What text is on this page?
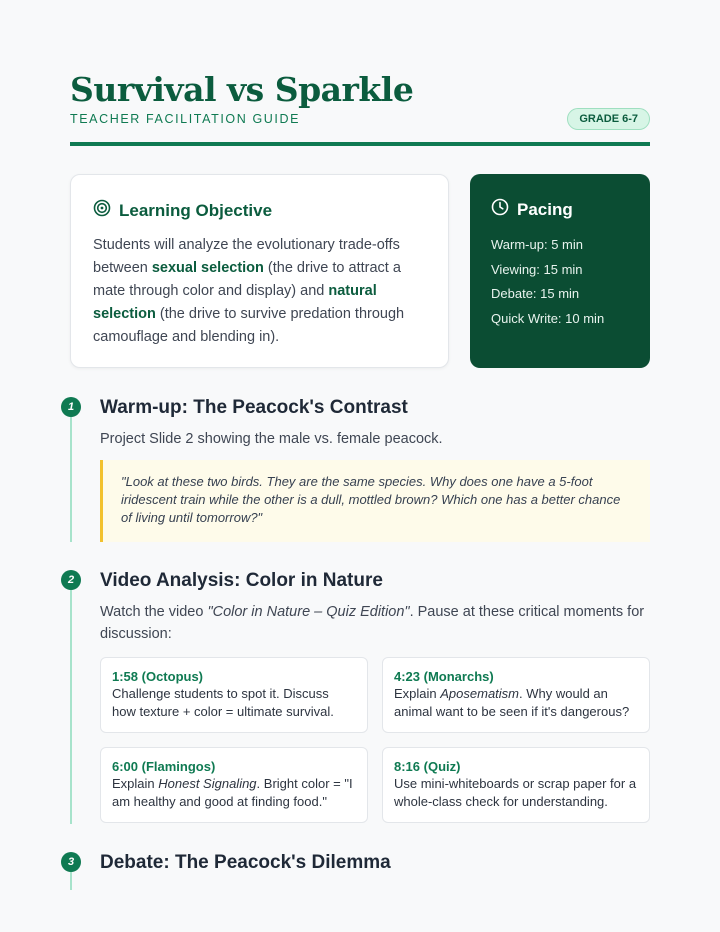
Survival vs Sparkle
TEACHER FACILITATION GUIDE	GRADE 6-7
Learning Objective

Students will analyze the evolutionary trade-offs between sexual selection (the drive to attract a mate through color and display) and natural selection (the drive to survive predation through camouflage and blending in).

Pacing
Warm-up: 5 min
Viewing: 15 min
Debate: 15 min
Quick Write: 10 min
1	Warm-up: The Peacock's Contrast
Project Slide 2 showing the male vs. female peacock.
"Look at these two birds. They are the same species. Why does one have a 5-foot iridescent train while the other is a dull, mottled brown? Which one has a better chance of living until tomorrow?"
2	Video Analysis: Color in Nature
Watch the video "Color in Nature – Quiz Edition". Pause at these critical moments for discussion:
1:58 (Octopus)
Challenge students to spot it. Discuss how texture + color = ultimate survival.
4:23 (Monarchs)
Explain Aposematism. Why would an animal want to be seen if it's dangerous?
6:00 (Flamingos)
Explain Honest Signaling. Bright color = "I am healthy and good at finding food."
8:16 (Quiz)
Use mini-whiteboards or scrap paper for a whole-class check for understanding.
3	Debate: The Peacock's Dilemma
